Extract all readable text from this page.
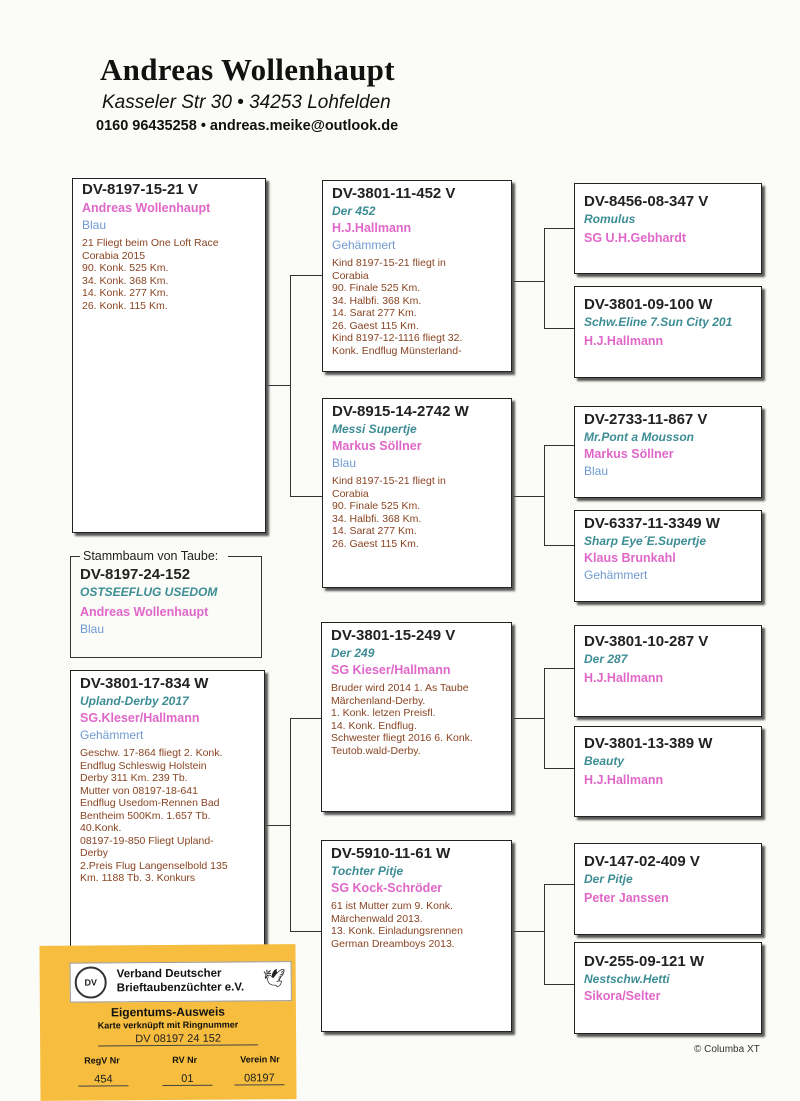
Andreas Wollenhaupt
Kasseler Str 30 • 34253 Lohfelden
0160 96435258 • andreas.meike@outlook.de
Stammbaum von Taube:
DV-8197-24-152
OSTSEEFLUG USEDOM
Andreas Wollenhaupt
Blau
DV-8197-15-21 V
Andreas Wollenhaupt
Blau
21 Fliegt beim One Loft Race
Corabia 2015
90. Konk. 525 Km.
34. Konk. 368 Km.
14. Konk. 277 Km.
26. Konk. 115 Km.
DV-3801-17-834 W
Upland-Derby 2017
SG.Kleser/Hallmann
Gehämmert
Geschw. 17-864 fliegt 2. Konk.
Endflug Schleswig Holstein
Derby 311 Km. 239 Tb.
Mutter von 08197-18-641
Endflug Usedom-Rennen Bad
Bentheim 500Km. 1.657 Tb.
40.Konk.
08197-19-850 Fliegt Upland-
Derby
2.Preis Flug Langenselbold 135
Km. 1188 Tb. 3. Konkurs
DV-3801-11-452 V
Der 452
H.J.Hallmann
Gehämmert
Kind 8197-15-21 fliegt in
Corabia
90. Finale 525 Km.
34. Halbfi. 368 Km.
14. Sarat 277 Km.
26. Gaest 115 Km.
Kind 8197-12-1116 fliegt 32.
Konk. Endflug Münsterland-
DV-8915-14-2742 W
Messi Supertje
Markus Söllner
Blau
Kind 8197-15-21 fliegt in
Corabia
90. Finale 525 Km.
34. Halbfi. 368 Km.
14. Sarat 277 Km.
26. Gaest 115 Km.
DV-3801-15-249 V
Der 249
SG Kieser/Hallmann
Bruder wird 2014 1. As Taube
Märchenland-Derby.
1. Konk. letzen Preisfl.
14. Konk. Endflug.
Schwester fliegt 2016 6. Konk.
Teutob.wald-Derby.
DV-5910-11-61 W
Tochter Pitje
SG Kock-Schröder
61 ist Mutter zum 9. Konk.
Märchenwald 2013.
13. Konk. Einladungsrennen
German Dreamboys 2013.
DV-8456-08-347 V
Romulus
SG U.H.Gebhardt
DV-3801-09-100 W
Schw.Eline 7.Sun City 201
H.J.Hallmann
DV-2733-11-867 V
Mr.Pont a Mousson
Markus Söllner
Blau
DV-6337-11-3349 W
Sharp Eye´E.Supertje
Klaus Brunkahl
Gehämmert
DV-3801-10-287 V
Der 287
H.J.Hallmann
DV-3801-13-389 W
Beauty
H.J.Hallmann
DV-147-02-409 V
Der Pitje
Peter Janssen
DV-255-09-121 W
Nestschw.Hetti
Sikora/Selter
© Columba XT
DV
Verband Deutscher
Brieftaubenzüchter e.V. 🕊
Eigentums-Ausweis
Karte verknüpft mit Ringnummer
DV 08197 24 152
RegV Nr	RV Nr	Verein Nr
454	01	08197
